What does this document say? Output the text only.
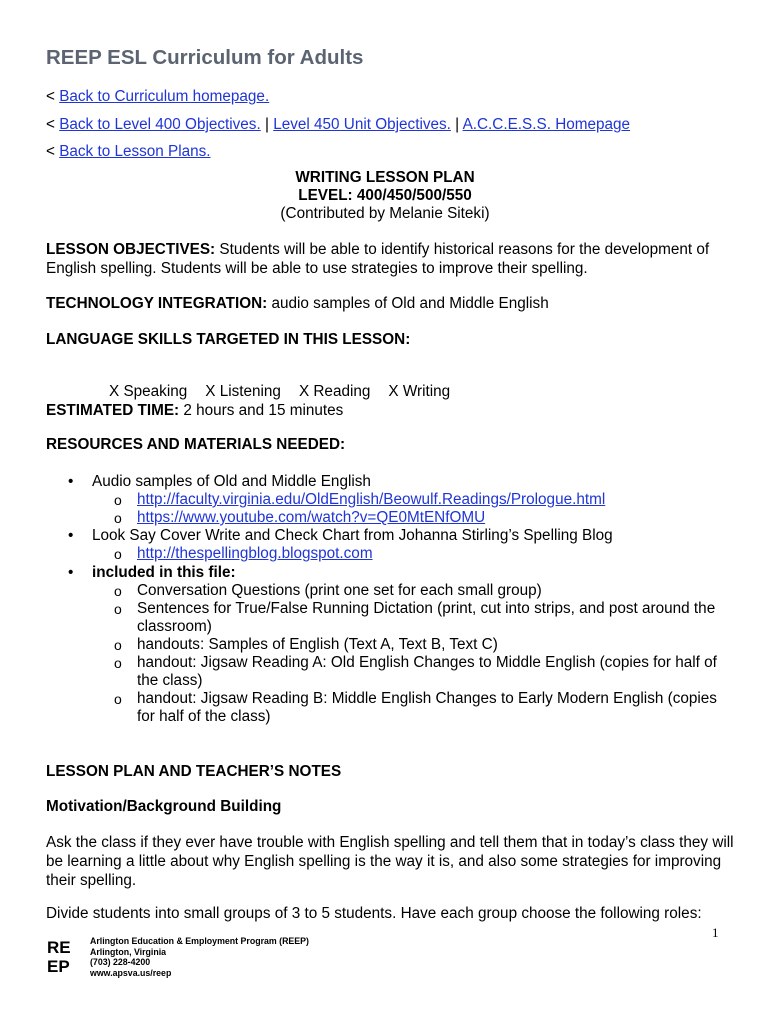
REEP ESL Curriculum for Adults
< Back to Curriculum homepage.
< Back to Level 400 Objectives. | Level 450 Unit Objectives. | A.C.C.E.S.S. Homepage
< Back to Lesson Plans.
WRITING LESSON PLAN
LEVEL: 400/450/500/550
(Contributed by Melanie Siteki)
LESSON OBJECTIVES: Students will be able to identify historical reasons for the development of English spelling. Students will be able to use strategies to improve their spelling.
TECHNOLOGY INTEGRATION: audio samples of Old and Middle English
LANGUAGE SKILLS TARGETED IN THIS LESSON:

X Speaking X Listening X Reading X Writing

ESTIMATED TIME: 2 hours and 15 minutes
RESOURCES AND MATERIALS NEEDED:
• Audio samples of Old and Middle English
o http://faculty.virginia.edu/OldEnglish/Beowulf.Readings/Prologue.html
o https://www.youtube.com/watch?v=QE0MtENfOMU
• Look Say Cover Write and Check Chart from Johanna Stirling’s Spelling Blog
o http://thespellingblog.blogspot.com
• included in this file:
o Conversation Questions (print one set for each small group)
o Sentences for True/False Running Dictation (print, cut into strips, and post around the classroom)
o handouts: Samples of English (Text A, Text B, Text C)
o handout: Jigsaw Reading A: Old English Changes to Middle English (copies for half of the class)
o handout: Jigsaw Reading B: Middle English Changes to Early Modern English (copies for half of the class)
LESSON PLAN AND TEACHER’S NOTES
Motivation/Background Building
Ask the class if they ever have trouble with English spelling and tell them that in today’s class they will be learning a little about why English spelling is the way it is, and also some strategies for improving their spelling.
Divide students into small groups of 3 to 5 students. Have each group choose the following roles:
1
RE
EP
Arlington Education & Employment Program (REEP)
Arlington, Virginia
(703) 228-4200
www.apsva.us/reep
